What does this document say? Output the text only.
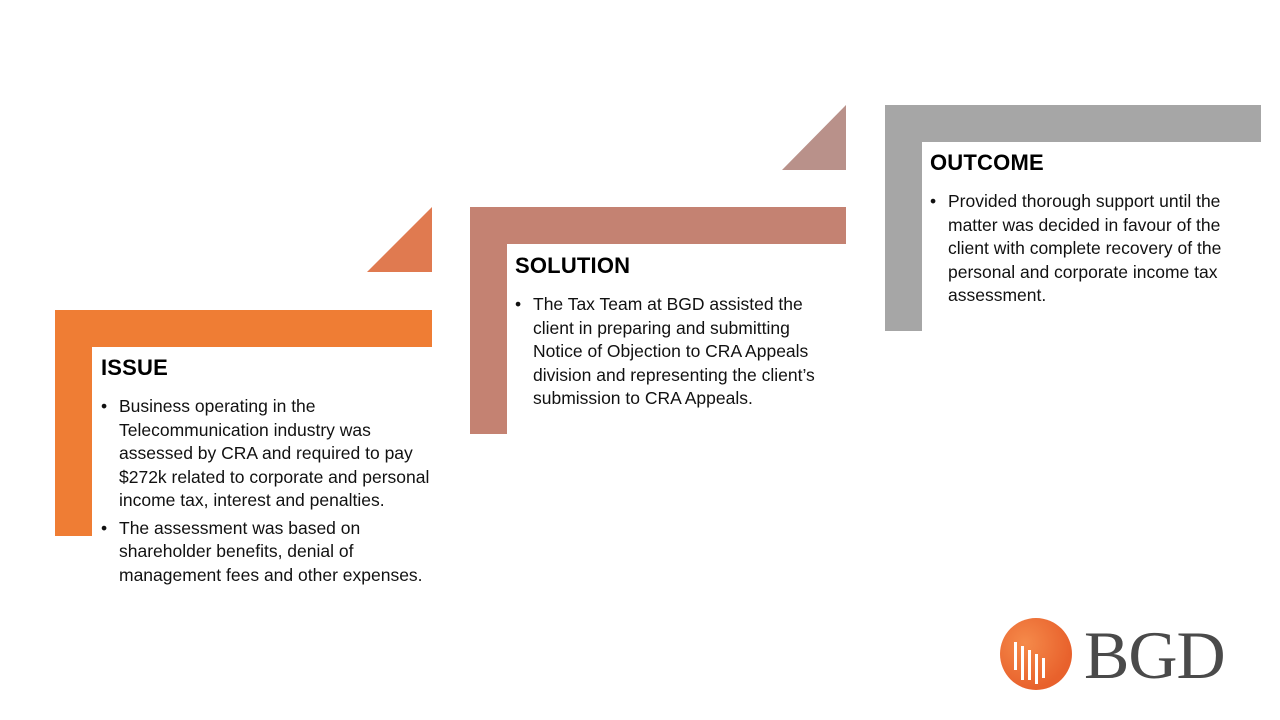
ISSUE
• Business operating in the Telecommunication industry was assessed by CRA and required to pay $272k related to corporate and personal income tax, interest and penalties.
• The assessment was based on shareholder benefits, denial of management fees and other expenses.
SOLUTION
• The Tax Team at BGD assisted the client in preparing and submitting Notice of Objection to CRA Appeals division and representing the client’s submission to CRA Appeals.
OUTCOME
• Provided thorough support until the matter was decided in favour of the client with complete recovery of the personal and corporate income tax assessment.
BGD
